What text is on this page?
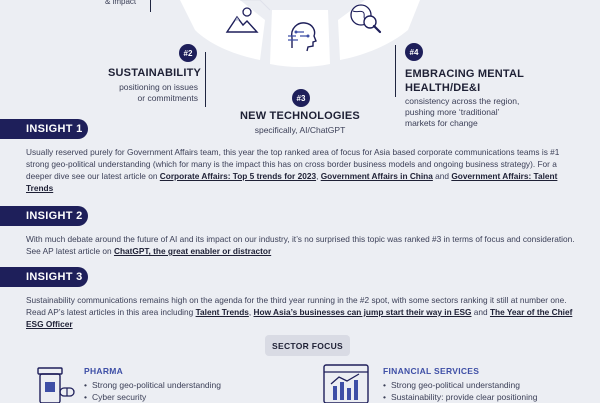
& impact
#2
SUSTAINABILITY
positioning on issues
or commitments	#3
NEW TECHNOLOGIES
#4
EMBRACING MENTAL
HEALTH/DE&I
consistency across the region,
pushing more ‘traditional’
markets for change
specifically, AI/ChatGPT
INSIGHT 1
Usually reserved purely for Government Affairs team, this year the top ranked area of focus for Asia based corporate communications teams is #1 strong geo-political understanding (which for many is the impact this has on cross border business models and ongoing business strategy). For a deeper dive see our latest article on Corporate Affairs: Top 5 trends for 2023, Government Affairs in China and Government Affairs: Talent Trends
INSIGHT 2
With much debate around the future of AI and its impact on our industry, it’s no surprised this topic was ranked #3 in terms of focus and consideration. See AP latest article on ChatGPT, the great enabler or distractor
INSIGHT 3
Sustainability communications remains high on the agenda for the third year running in the #2 spot, with some sectors ranking it still at number one. Read AP’s latest articles in this area including Talent Trends, How Asia’s businesses can jump start their way in ESG and The Year of the Chief ESG Officer
SECTOR FOCUS
PHARMA
• Strong geo-political understanding
• Cyber security
FINANCIAL SERVICES
• Strong geo-political understanding
• Sustainability: provide clear positioning
